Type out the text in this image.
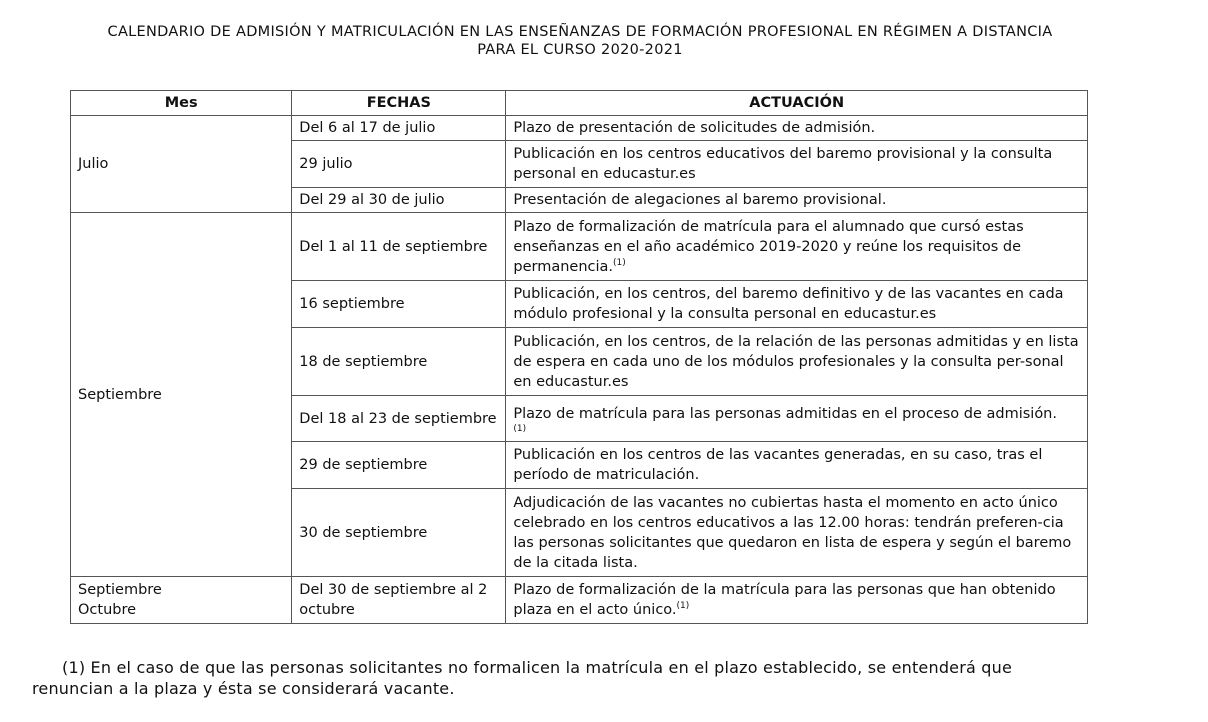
CALENDARIO DE ADMISIÓN Y MATRICULACIÓN EN LAS ENSEÑANZAS DE FORMACIÓN PROFESIONAL EN RÉGIMEN A DISTANCIA
PARA EL CURSO 2020-2021
Mes	FECHAS	ACTUACIÓN
Julio	Del 6 al 17 de julio	Plazo de presentación de solicitudes de admisión.
	29 julio	Publicación en los centros educativos del baremo provisional y la consulta personal en educastur.es
	Del 29 al 30 de julio	Presentación de alegaciones al baremo provisional.
Septiembre	Del 1 al 11 de septiembre	Plazo de formalización de matrícula para el alumnado que cursó estas enseñanzas en el año académico 2019-2020 y reúne los requisitos de permanencia.$^{(1)}$
	16 septiembre	Publicación, en los centros, del baremo definitivo y de las vacantes en cada módulo profesional y la consulta personal en educastur.es
	18 de septiembre	Publicación, en los centros, de la relación de las personas admitidas y en lista de espera en cada uno de los módulos profesionales y la consulta per-sonal en educastur.es
	Del 18 al 23 de septiembre	Plazo de matrícula para las personas admitidas en el proceso de admisión.
(1)

	29 de septiembre	Publicación en los centros de las vacantes generadas, en su caso, tras el período de matriculación.
	30 de septiembre	Adjudicación de las vacantes no cubiertas hasta el momento en acto único celebrado en los centros educativos a las 12.00 horas: tendrán preferen-cia las personas solicitantes que quedaron en lista de espera y según el baremo de la citada lista.

Septiembre
Octubre	Del 30 de septiembre al 2 octubre	Plazo de formalización de la matrícula para las personas que han obtenido plaza en el acto único.$^{(1)}$
(1) En el caso de que las personas solicitantes no formalicen la matrícula en el plazo establecido, se entenderá que
renuncian a la plaza y ésta se considerará vacante.
